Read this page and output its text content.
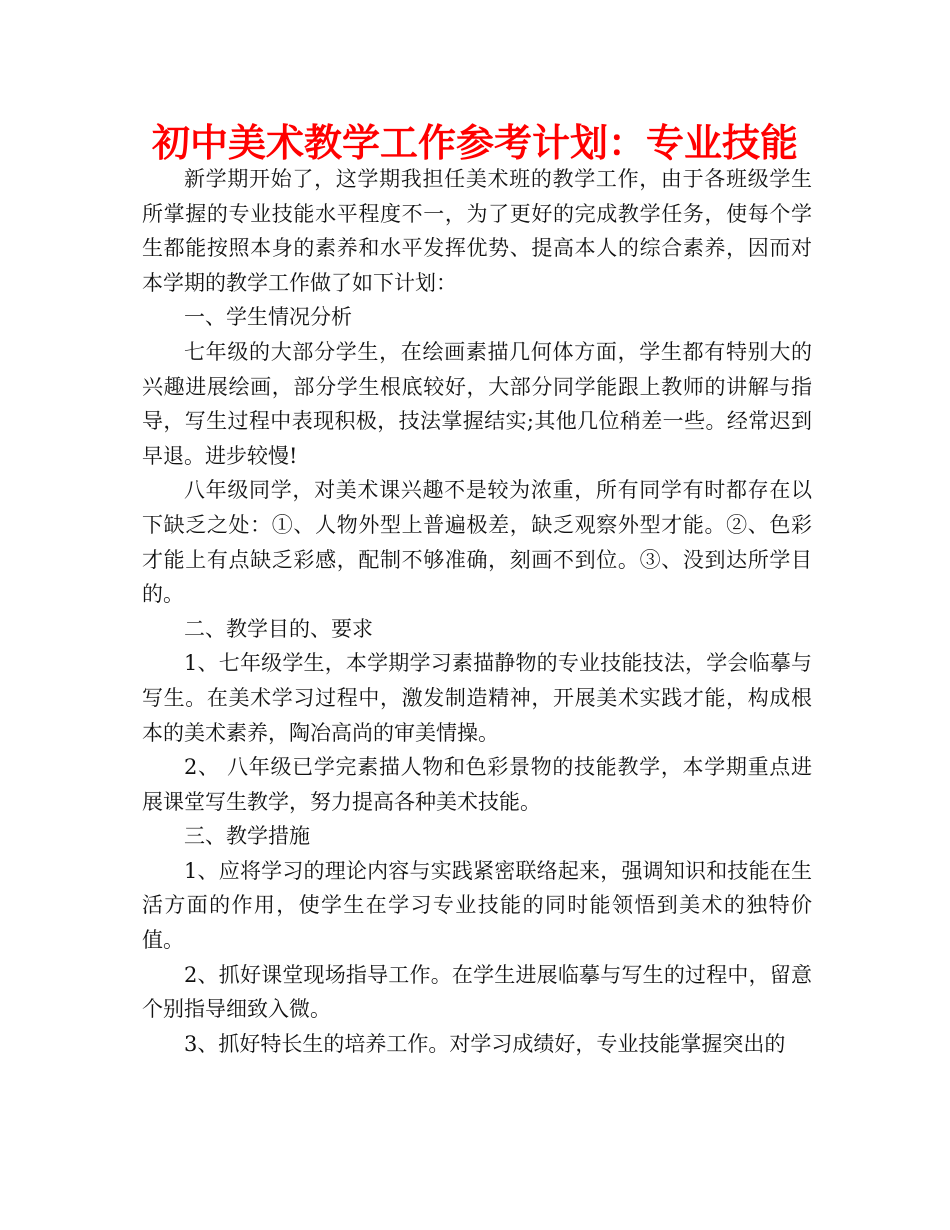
初中美术教学工作参考计划：专业技能

新学期开始了，这学期我担任美术班的教学工作，由于各班级学生所掌握的专业技能水平程度不一，为了更好的完成教学任务，使每个学生都能按照本身的素养和水平发挥优势、提高本人的综合素养，因而对本学期的教学工作做了如下计划：

一、学生情况分析

七年级的大部分学生，在绘画素描几何体方面，学生都有特别大的 兴趣进展绘画，部分学生根底较好，大部分同学能跟上教师的讲解与指导，写生过程中表现积极，技法掌握结实;其他几位稍差一些。经常迟到早退。进步较慢!

八年级同学，对美术课兴趣不是较为浓重，所有同学有时都存在以下缺乏之处：①、人物外型上普遍极差，缺乏观察外型才能。②、色彩才能上有点缺乏彩感，配制不够准确，刻画不到位。③、没到达所学目的。

二、教学目的、要求

1、七年级学生，本学期学习素描静物的专业技能技法，学会临摹与写生。在美术学习过程中，激发制造精神，开展美术实践才能，构成根本的美术素养，陶冶高尚的审美情操。

2、 八年级已学完素描人物和色彩景物的技能教学，本学期重点进展课堂写生教学，努力提高各种美术技能。

三、教学措施

1、应将学习的理论内容与实践紧密联络起来，强调知识和技能在生活方面的作用，使学生在学习专业技能的同时能领悟到美术的独特价值。

2、抓好课堂现场指导工作。在学生进展临摹与写生的过程中，留意个别指导细致入微。

3、抓好特长生的培养工作。对学习成绩好，专业技能掌握突出的
